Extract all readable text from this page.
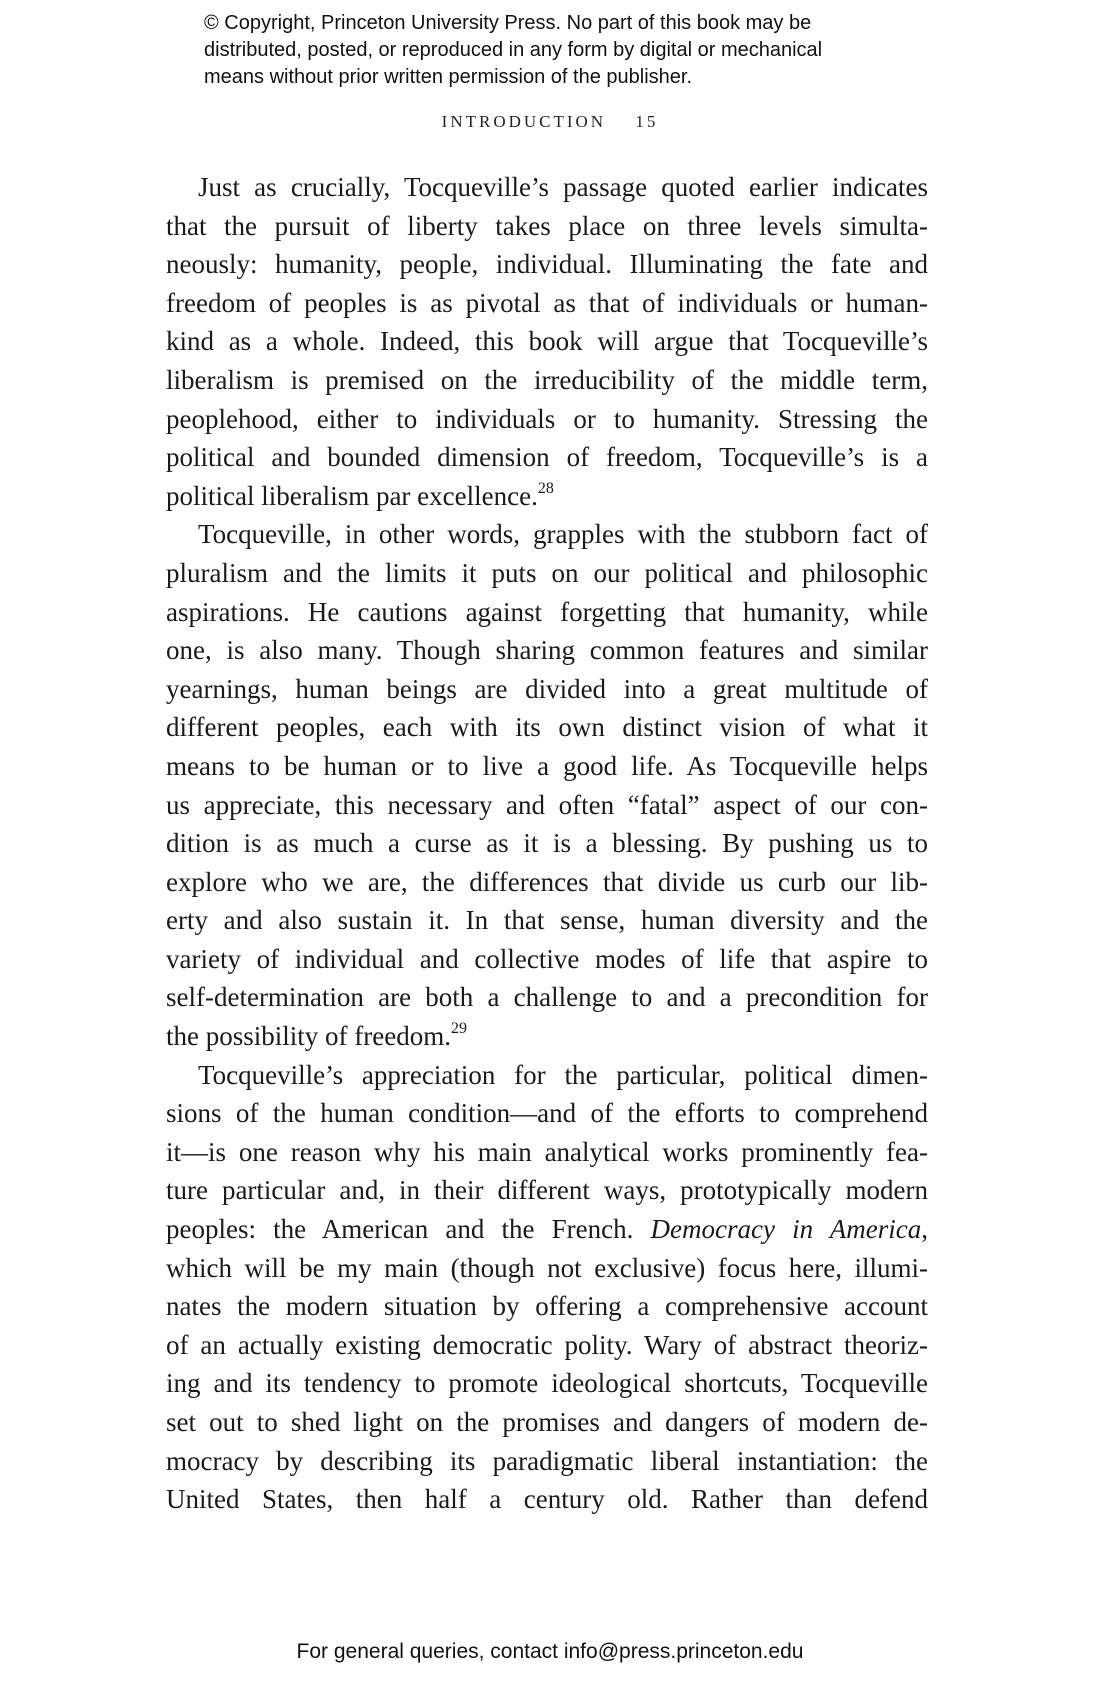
© Copyright, Princeton University Press. No part of this book may be
distributed, posted, or reproduced in any form by digital or mechanical
means without prior written permission of the publisher.
INTRODUCTION 15
Just as crucially, Tocqueville’s passage quoted earlier indicates
that the pursuit of liberty takes place on three levels simulta-
neously: humanity, people, individual. Illuminating the fate and
freedom of peoples is as pivotal as that of individuals or human-
kind as a whole. Indeed, this book will argue that Tocqueville’s
liberalism is premised on the irreducibility of the middle term,
peoplehood, either to individuals or to humanity. Stressing the
political and bounded dimension of freedom, Tocqueville’s is a
political liberalism par excellence.$^{28}$
Tocqueville, in other words, grapples with the stubborn fact of
pluralism and the limits it puts on our political and philosophic
aspirations. He cautions against forgetting that humanity, while
one, is also many. Though sharing common features and similar
yearnings, human beings are divided into a great multitude of
different peoples, each with its own distinct vision of what it
means to be human or to live a good life. As Tocqueville helps
us appreciate, this necessary and often “fatal” aspect of our con-
dition is as much a curse as it is a blessing. By pushing us to
explore who we are, the differences that divide us curb our lib-
erty and also sustain it. In that sense, human diversity and the
variety of individual and collective modes of life that aspire to
self-determination are both a challenge to and a precondition for
the possibility of freedom.$^{29}$
Tocqueville’s appreciation for the particular, political dimen-
sions of the human condition—and of the efforts to comprehend
it—is one reason why his main analytical works prominently fea-
ture particular and, in their different ways, prototypically modern
peoples: the American and the French. Democracy in America,
which will be my main (though not exclusive) focus here, illumi-
nates the modern situation by offering a comprehensive account
of an actually existing democratic polity. Wary of abstract theoriz-
ing and its tendency to promote ideological shortcuts, Tocqueville
set out to shed light on the promises and dangers of modern de-
mocracy by describing its paradigmatic liberal instantiation: the
United States, then half a century old. Rather than defend
For general queries, contact info@press.princeton.edu
